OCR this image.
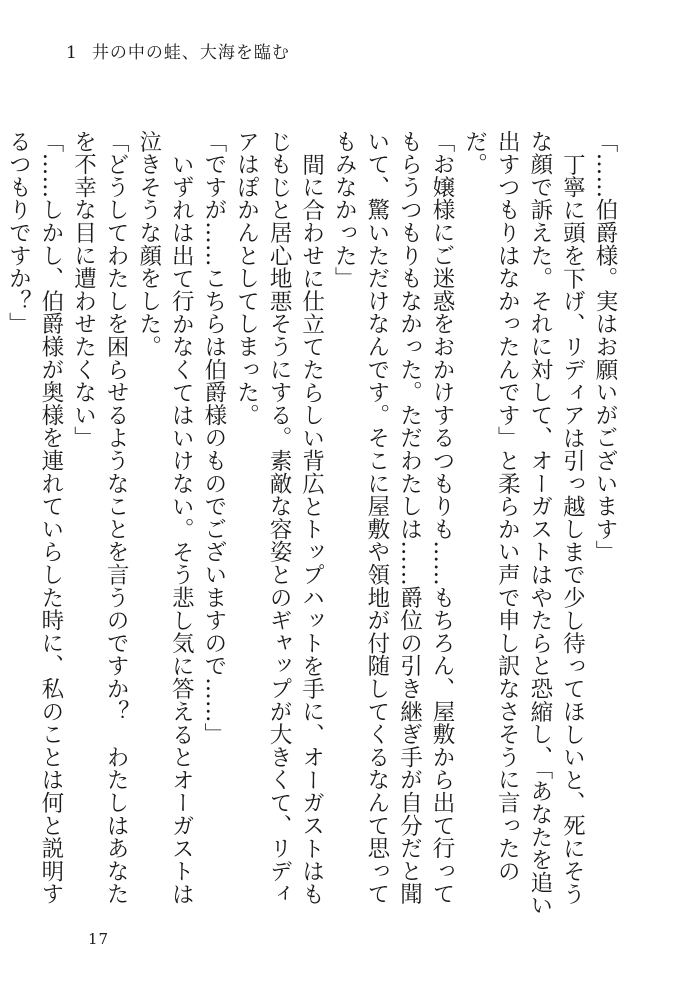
1 井の中の蛙、大海を臨む

「……伯爵様。実はお願いがございます」

丁寧に頭を下げ、リディアは引っ越しまで少し待ってほしいと、死にそうな顔で訴えた。それに対して、オーガストはやたらと恐縮し、「あなたを追い出すつもりはなかったんです」と柔らかい声で申し訳なさそうに言ったのだ。

「お嬢様にご迷惑をおかけするつもりも……もちろん、屋敷から出て行ってもらうつもりもなかった。ただわたしは……爵位の引き継ぎ手が自分だと聞いて、驚いただけなんです。そこに屋敷や領地が付随してくるなんて思ってもみなかった」

間に合わせに仕立てたらしい背広とトップハットを手に、オーガストはもじもじと居心地悪そうにする。素敵な容姿とのギャップが大きくて、リディアはぽかんとしてしまった。

「ですが……こちらは伯爵様のものでございますので……」

いずれは出て行かなくてはいけない。そう悲し気に答えるとオーガストは泣きそうな顔をした。

「どうしてわたしを困らせるようなことを言うのですか？　わたしはあなたを不幸な目に遭わせたくない」

「……しかし、伯爵様が奥様を連れていらした時に、私のことは何と説明するつもりですか？」

17
